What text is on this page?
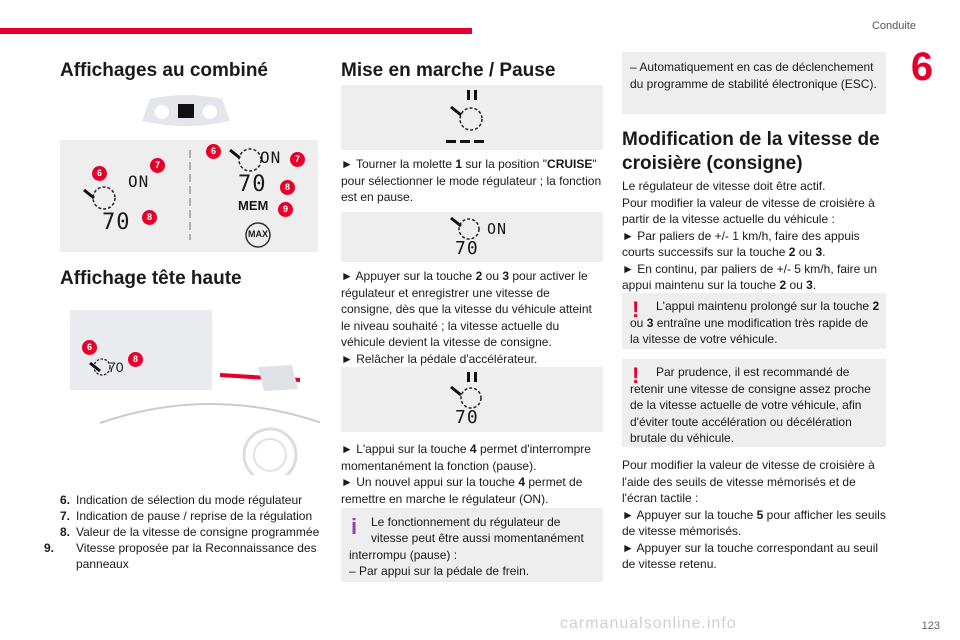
Conduite
6
Affichages au combiné
ON
70
ON
70
MEM
MAX
6
7
8
6
7
8
9
Affichage tête haute
70
6
8
6. Indication de sélection du mode régulateur
7. Indication de pause / reprise de la régulation
8. Valeur de la vitesse de consigne programmée
9. Vitesse proposée par la Reconnaissance des panneaux
Mise en marche / Pause
► Tourner la molette 1 sur la position "CRUISE" pour sélectionner le mode régulateur ; la fonction est en pause.
ON
70
► Appuyer sur la touche 2 ou 3 pour activer le régulateur et enregistrer une vitesse de consigne, dès que la vitesse du véhicule atteint le niveau souhaité ; la vitesse actuelle du véhicule devient la vitesse de consigne.
► Relâcher la pédale d'accélérateur.
70
► L'appui sur la touche 4 permet d'interrompre momentanément la fonction (pause).
► Un nouvel appui sur la touche 4 permet de remettre en marche le régulateur (ON).
i Le fonctionnement du régulateur de
vitesse peut être aussi momentanément interrompu (pause) :
– Par appui sur la pédale de frein.
– Automatiquement en cas de déclenchement du programme de stabilité électronique (ESC).
Modification de la vitesse de croisière (consigne)
Le régulateur de vitesse doit être actif.
Pour modifier la valeur de vitesse de croisière à partir de la vitesse actuelle du véhicule :
► Par paliers de +/- 1 km/h, faire des appuis courts successifs sur la touche 2 ou 3.
► En continu, par paliers de +/- 5 km/h, faire un appui maintenu sur la touche 2 ou 3.
!	L'appui maintenu prolongé sur la touche 2 ou 3 entraîne une modification très rapide de la vitesse de votre véhicule.
!	Par prudence, il est recommandé de retenir une vitesse de consigne assez proche de la vitesse actuelle de votre véhicule, afin d'éviter toute accélération ou décélération brutale du véhicule.
Pour modifier la valeur de vitesse de croisière à l'aide des seuils de vitesse mémorisés et de l'écran tactile :
► Appuyer sur la touche 5 pour afficher les seuils de vitesse mémorisés.
► Appuyer sur la touche correspondant au seuil de vitesse retenu.
carmanualsonline.info	123
